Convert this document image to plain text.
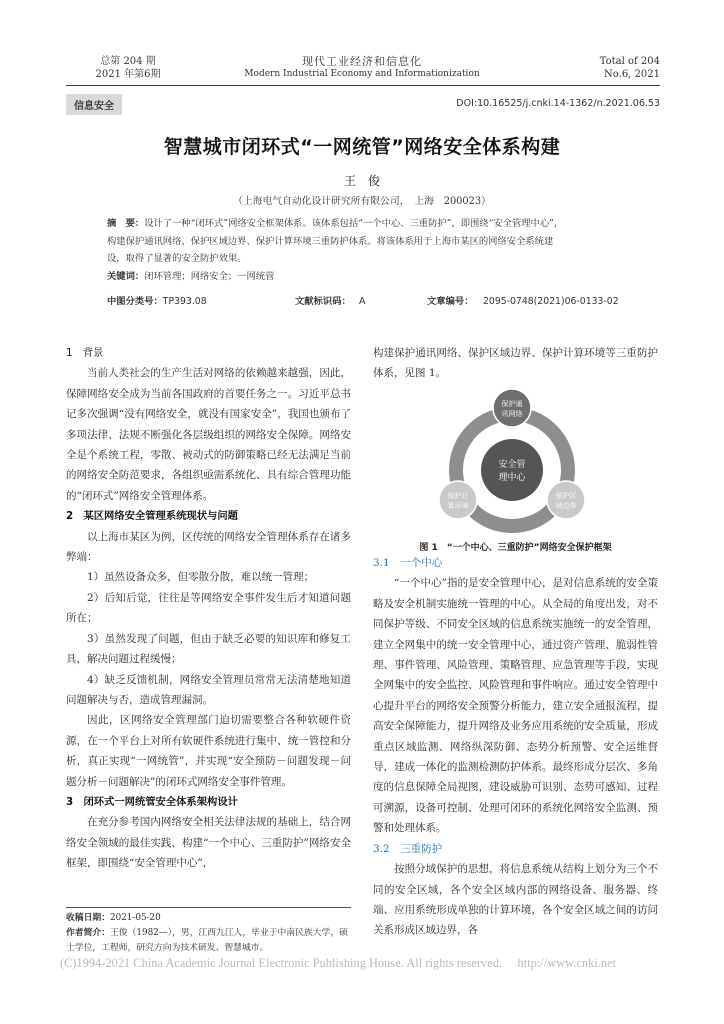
总第 204 期
2021 年第6期
现代工业经济和信息化
Modern Industrial Economy and Informationization
Total of 204
No.6, 2021
信息安全	DOI:10.16525/j.cnki.14-1362/n.2021.06.53
智慧城市闭环式“一网统管”网络安全体系构建
王　俊
（上海电气自动化设计研究所有限公司，　上海　200023）
摘　要：设计了一种“闭环式”网络安全框架体系。该体系包括“一个中心、三重防护”，即围绕“安全管理中心”，
构建保护通讯网络、保护区域边界、保护计算环境三重防护体系。将该体系用于上海市某区的网络安全系统建
设，取得了显著的安全防护效果。
关键词：闭环管理；网络安全；一网统管
中图分类号：TP393.08	文献标识码： A	文章编号： 2095-0748(2021)06-0133-02
1　背景

当前人类社会的生产生活对网络的依赖越来越强，因此，保障网络安全成为当前各国政府的首要任务之一。习近平总书记多次强调“没有网络安全，就没有国家安全”，我国也颁布了多项法律、法规不断强化各层级组织的网络安全保障。网络安全是个系统工程，零散、被动式的防御策略已经无法满足当前的网络安全防范要求，各组织亟需系统化、具有综合管理功能的“闭环式”网络安全管理体系。

2　某区网络安全管理系统现状与问题

以上海市某区为例，区传统的网络安全管理体系存在诸多弊端：

1）虽然设备众多，但零散分散，难以统一管理；

2）后知后觉，往往是等网络安全事件发生后才知道问题所在；

3）虽然发现了问题，但由于缺乏必要的知识库和修复工具，解决问题过程缓慢；

4）缺乏反馈机制，网络安全管理员常常无法清楚地知道问题解决与否，造成管理漏洞。

因此，区网络安全管理部门迫切需要整合各种软硬件资源，在一个平台上对所有软硬件系统进行集中、统一管控和分析，真正实现“一网统管”，并实现“安全预防－问题发现－问题分析－问题解决”的闭环式网络安全事件管理。

3　闭环式一网统管安全体系架构设计

在充分参考国内网络安全相关法律法规的基础上，结合网络安全领域的最佳实践，构建“一个中心、三重防护”网络安全框架，即围绕“安全管理中心”，

收稿日期：2021-05-20
作者简介：王俊（1982—），男，江西九江人，毕业于中南民族大学，硕士学位，工程师，研究方向为技术研发、智慧城市。

构建保护通讯网络、保护区域边界、保护计算环境等三重防护体系，见图 1。

安全管
理中心
保护通
讯网络
保护区
域边界
保护计
算环境
图 1　“一个中心、三重防护”网络安全保护框架
3.1　一个中心

“一个中心”指的是安全管理中心，是对信息系统的安全策略及安全机制实施统一管理的中心。从全局的角度出发，对不同保护等级、不同安全区域的信息系统实施统一的安全管理，建立全网集中的统一安全管理中心，通过资产管理、脆弱性管理、事件管理、风险管理、策略管理、应急管理等手段，实现全网集中的安全监控、风险管理和事件响应。通过安全管理中心提升平台的网络安全预警分析能力，建立安全通报流程，提高安全保障能力，提升网络及业务应用系统的安全质量，形成重点区域监测、网络纵深防御、态势分析预警、安全运维督导，建成一体化的监测检测防护体系。最终形成分层次、多角度的信息保障全局视图，建设威胁可识别、态势可感知、过程可溯源，设备可控制、处理可闭环的系统化网络安全监测、预警和处理体系。

3.2　三重防护

按照分域保护的思想，将信息系统从结构上划分为三个不同的安全区域，各个安全区域内部的网络设备、服务器、终端、应用系统形成单独的计算环境，各个安全区域之间的访问关系形成区域边界，各

(C)1994-2021 China Academic Journal Electronic Publishing House. All rights reserved.　 http://www.cnki.net
